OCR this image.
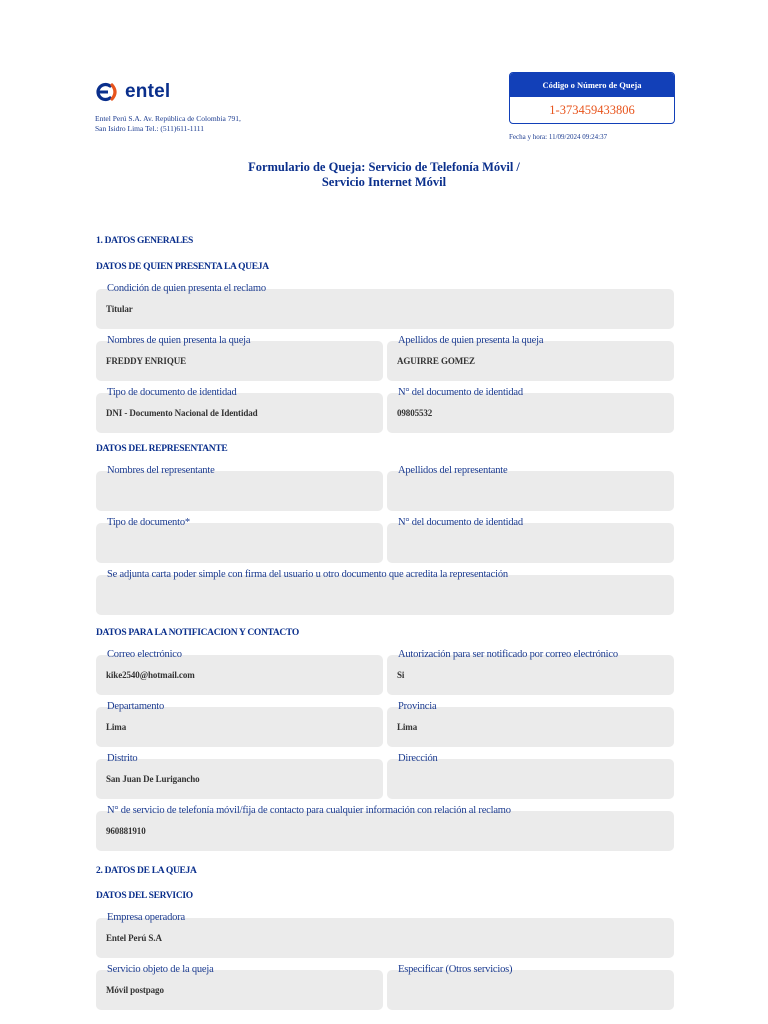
entel
Entel Perú S.A. Av. República de Colombia 791,
San Isidro Lima Tel.: (511)611-1111
Código o Número de Queja
1-373459433806
Fecha y hora: 11/09/2024 09:24:37
Formulario de Queja: Servicio de Telefonía Móvil /
Servicio Internet Móvil
1. DATOS GENERALES
DATOS DE QUIEN PRESENTA LA QUEJA
Condición de quien presenta el reclamo
Titular
Nombres de quien presenta la queja
FREDDY ENRIQUE
Apellidos de quien presenta la queja
AGUIRRE GOMEZ
Tipo de documento de identidad
DNI - Documento Nacional de Identidad
N° del documento de identidad
09805532
DATOS DEL REPRESENTANTE
Nombres del representante	Apellidos del representante
Tipo de documento*	N° del documento de identidad
Se adjunta carta poder simple con firma del usuario u otro documento que acredita la representación
DATOS PARA LA NOTIFICACION Y CONTACTO
Correo electrónico
kike2540@hotmail.com
Autorización para ser notificado por correo electrónico
Si
Departamento
Lima
Provincia
Lima
Distrito
San Juan De Lurigancho
Dirección
N° de servicio de telefonía móvil/fija de contacto para cualquier información con relación al reclamo
960881910
2. DATOS DE LA QUEJA
DATOS DEL SERVICIO
Empresa operadora
Entel Perú S.A
Servicio objeto de la queja
Móvil postpago
Especificar (Otros servicios)
